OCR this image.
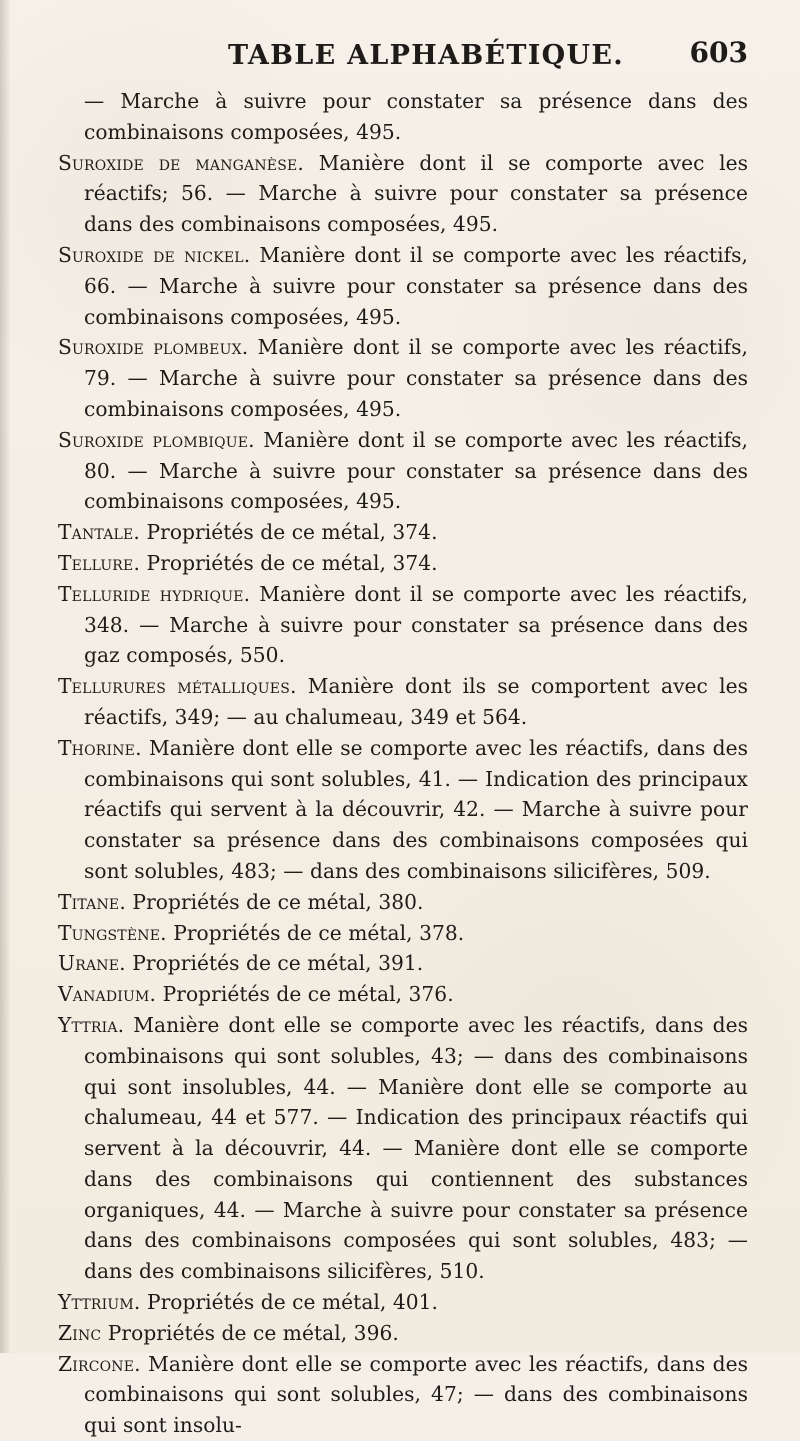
TABLE ALPHABÉTIQUE. 603

— Marche à suivre pour constater sa présence dans des combinaisons composées, 495.

Suroxide de manganèse. Manière dont il se comporte avec les réactifs; 56. — Marche à suivre pour constater sa présence dans des combinaisons composées, 495.

Suroxide de nickel. Manière dont il se comporte avec les réactifs, 66. — Marche à suivre pour constater sa présence dans des combinaisons composées, 495.

Suroxide plombeux. Manière dont il se comporte avec les réactifs, 79. — Marche à suivre pour constater sa présence dans des combinaisons composées, 495.

Suroxide plombique. Manière dont il se comporte avec les réactifs, 80. — Marche à suivre pour constater sa présence dans des combinaisons composées, 495.

Tantale. Propriétés de ce métal, 374.

Tellure. Propriétés de ce métal, 374.

Telluride hydrique. Manière dont il se comporte avec les réactifs, 348. — Marche à suivre pour constater sa présence dans des gaz composés, 550.

Tellurures métalliques. Manière dont ils se comportent avec les réactifs, 349; — au chalumeau, 349 et 564.

Thorine. Manière dont elle se comporte avec les réactifs, dans des combinaisons qui sont solubles, 41. — Indication des principaux réactifs qui servent à la découvrir, 42. — Marche à suivre pour constater sa présence dans des combinaisons composées qui sont solubles, 483; — dans des combinaisons silicifères, 509.

Titane. Propriétés de ce métal, 380.

Tungstène. Propriétés de ce métal, 378.

Urane. Propriétés de ce métal, 391.

Vanadium. Propriétés de ce métal, 376.

Yttria. Manière dont elle se comporte avec les réactifs, dans des combinaisons qui sont solubles, 43; — dans des combinaisons qui sont insolubles, 44. — Manière dont elle se comporte au chalumeau, 44 et 577. — Indication des principaux réactifs qui servent à la découvrir, 44. — Manière dont elle se comporte dans des combinaisons qui contiennent des substances organiques, 44. — Marche à suivre pour constater sa présence dans des combinaisons composées qui sont solubles, 483; — dans des combinaisons silicifères, 510.

Yttrium. Propriétés de ce métal, 401.

Zinc Propriétés de ce métal, 396.

Zircone. Manière dont elle se comporte avec les réactifs, dans des combinaisons qui sont solubles, 47; — dans des combinaisons qui sont insolu-
